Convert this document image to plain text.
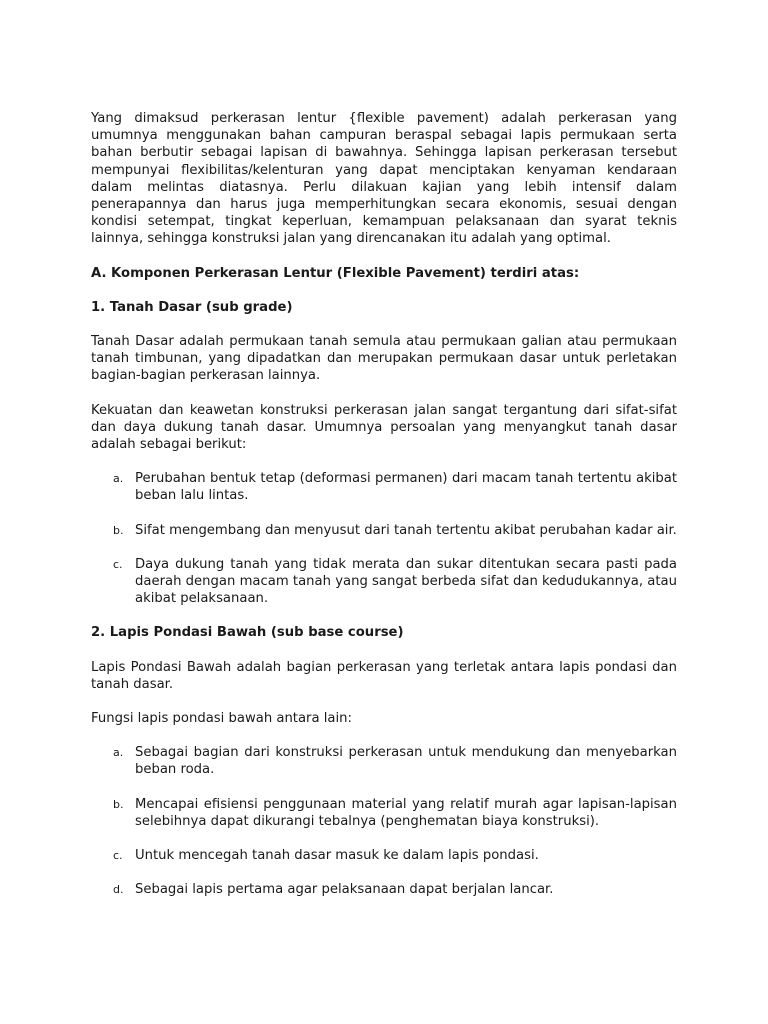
Yang dimaksud perkerasan lentur {flexible pavement) adalah perkerasan yang umumnya menggunakan bahan campuran beraspal sebagai lapis permukaan serta bahan berbutir sebagai lapisan di bawahnya. Sehingga lapisan perkerasan tersebut mempunyai flexibilitas/kelenturan yang dapat menciptakan kenyaman kendaraan dalam melintas diatasnya. Perlu dilakuan kajian yang lebih intensif dalam penerapannya dan harus juga memperhitungkan secara ekonomis, sesuai dengan kondisi setempat, tingkat keperluan, kemampuan pelaksanaan dan syarat teknis lainnya, sehingga konstruksi jalan yang direncanakan itu adalah yang optimal.

A. Komponen Perkerasan Lentur (Flexible Pavement) terdiri atas:

1. Tanah Dasar (sub grade)

Tanah Dasar adalah permukaan tanah semula atau permukaan galian atau permukaan tanah timbunan, yang dipadatkan dan merupakan permukaan dasar untuk perletakan bagian-bagian perkerasan lainnya.

Kekuatan dan keawetan konstruksi perkerasan jalan sangat tergantung dari sifat-sifat dan daya dukung tanah dasar. Umumnya persoalan yang menyangkut tanah dasar adalah sebagai berikut:

a. Perubahan bentuk tetap (deformasi permanen) dari macam tanah tertentu akibat beban lalu lintas.
b. Sifat mengembang dan menyusut dari tanah tertentu akibat perubahan kadar air.
c. Daya dukung tanah yang tidak merata dan sukar ditentukan secara pasti pada daerah dengan macam tanah yang sangat berbeda sifat dan kedudukannya, atau akibat pelaksanaan.

2. Lapis Pondasi Bawah (sub base course)

Lapis Pondasi Bawah adalah bagian perkerasan yang terletak antara lapis pondasi dan tanah dasar.

Fungsi lapis pondasi bawah antara lain:

a. Sebagai bagian dari konstruksi perkerasan untuk mendukung dan menyebarkan beban roda.
b. Mencapai efisiensi penggunaan material yang relatif murah agar lapisan-lapisan selebihnya dapat dikurangi tebalnya (penghematan biaya konstruksi).
c. Untuk mencegah tanah dasar masuk ke dalam lapis pondasi.
d. Sebagai lapis pertama agar pelaksanaan dapat berjalan lancar.
